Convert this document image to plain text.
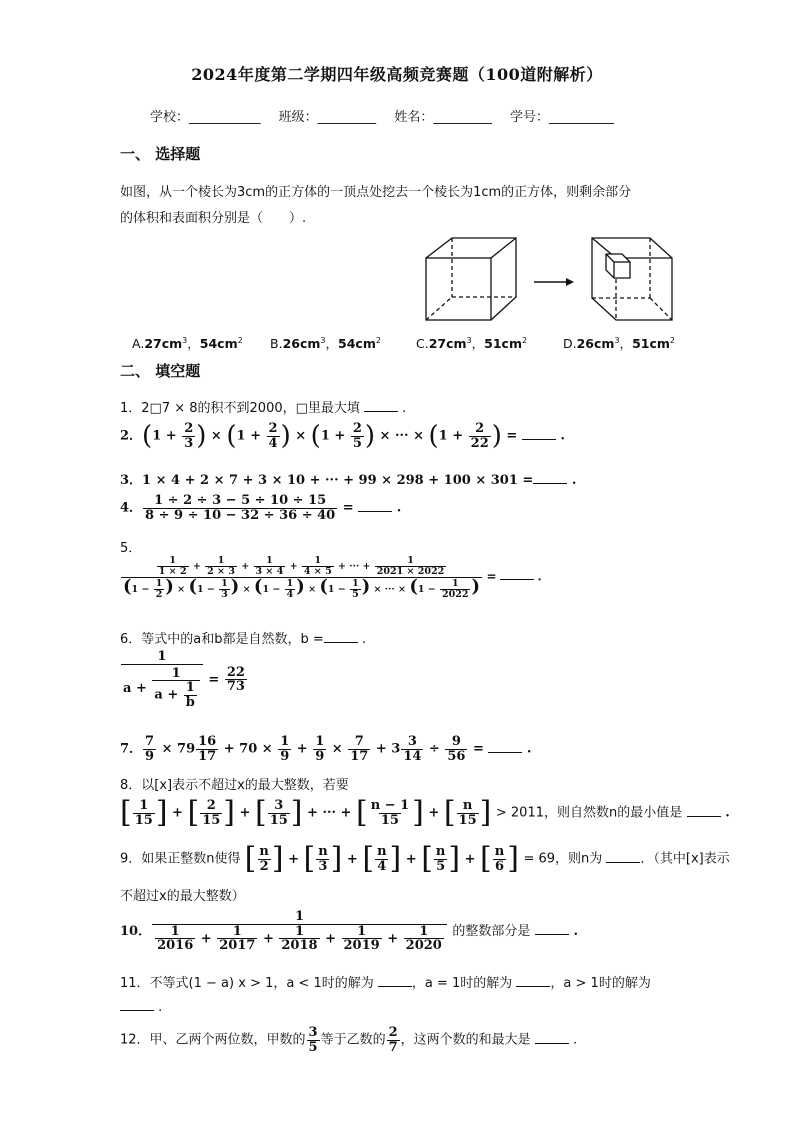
2024年度第二学期四年级高频竞赛题（100道附解析）
学校：___________ 班级：_________ 姓名：_________ 学号：__________
一、 选择题
如图，从一个棱长为3cm的正方体的一顶点处挖去一个棱长为1cm的正方体，则剩余部分
的体积和表面积分别是（　　）.
$A.27cm^3$，$54cm^2$ $B.26cm^3$，$54cm^2$	$C.27cm^3$，$51cm^2$	$D.26cm^3$，$51cm^2$
二、 填空题
1．2□7 × 8的积不到2000，□里最大填	.
2．($1 + \frac{2}{3}$ ) × ($1 + \frac{2}{4}$ ) × ($1 + \frac{2}{5}$ ) × ··· × ($1 + \frac{2}{22}$ ) =	.
3．1 × 4 + 2 × 7 + 3 × 10 + ··· + 99 × 298 + 100 × 301 =	.
4． $\frac{1 \div 2 \div 3 - 5 \div 10 \div 15}{8 \div 9 \div 10 - 32 \div 36 \div 40}$ =	.
5．
$\frac{1}{1 \times 2} + \frac{1}{2 \times 3} + \frac{1}{3 \times 4} + \frac{1}{4 \times 5}$ + ··· + $\frac{1}{2021 \times 2022}$
($1 - \frac{1}{2}$ ) × ($1 - \frac{1}{3}$ ) × ($1 - \frac{1}{4}$ ) × ($1 - \frac{1}{5}$ ) × ··· × ($1 - \frac{1}{2022}$ ) =	.
6．等式中的a和b都是自然数，b =	.
$\frac{1}{a + \frac{1}{a + \frac{1}{b}}} = \frac{22}{73}$
7． $\frac{7}{9} \times 79 \frac{16}{17} + 70 \times \frac{1}{9} + \frac{1}{9} \times \frac{7}{17} + 3 \frac{3}{14} \div \frac{9}{56}$ =	.
8．以[x]表示不超过x的最大整数，若要
[ $\frac{1}{15}$ ] + [ $\frac{2}{15}$ ] + [ $\frac{3}{15}$ ] + ··· + [ $\frac{n - 1}{15}$ ] + [ $\frac{n}{15}$ ] > 2011，则自然数n的最小值是	.
9．如果正整数n使得 [ $\frac{n}{2}$ ] + [ $\frac{n}{3}$ ] + [ $\frac{n}{4}$ ] + [ $\frac{n}{5}$ ] + [ $\frac{n}{6}$ ] = 69，则n为	．（其中[x]表示
不超过x的最大整数）
10．
1
$\frac{1}{2016} + \frac{1}{2017} + \frac{1}{2018} + \frac{1}{2019} + \frac{1}{2020}$ 的整数部分是	.
11．不等式(1 − a) x > 1，a < 1时的解为	，a = 1时的解为	，a > 1时的解为
.
12．甲、乙两个两位数，甲数的 $\frac{3}{5}$ 等于乙数的 $\frac{2}{7}$ ，这两个数的和最大是	.
